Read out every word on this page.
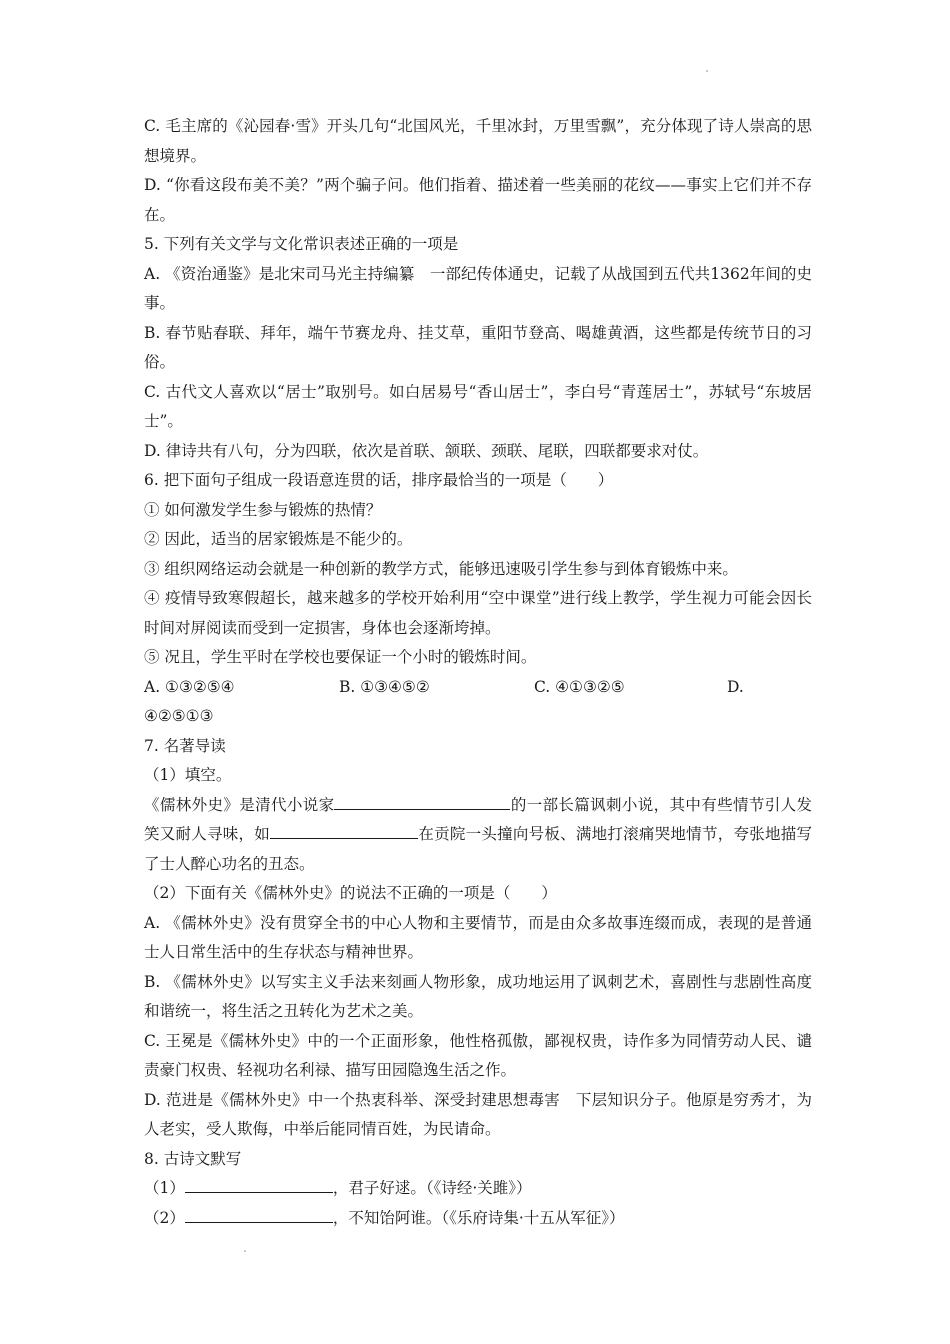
C. 毛主席的《沁园春·雪》开头几句“北国风光，千里冰封，万里雪飘”，充分体现了诗人崇高的思想境界。

D. “你看这段布美不美？”两个骗子问。他们指着、描述着一些美丽的花纹——事实上它们并不存在。

5. 下列有关文学与文化常识表述正确的一项是

A. 《资治通鉴》是北宋司马光主持编纂　一部纪传体通史，记载了从战国到五代共1362年间的史事。

B. 春节贴春联、拜年，端午节赛龙舟、挂艾草，重阳节登高、喝雄黄酒，这些都是传统节日的习俗。

C. 古代文人喜欢以“居士”取别号。如白居易号“香山居士”，李白号“青莲居士”，苏轼号“东坡居士”。

D. 律诗共有八句，分为四联，依次是首联、颔联、颈联、尾联，四联都要求对仗。

6. 把下面句子组成一段语意连贯的话，排序最恰当的一项是（　　）

① 如何激发学生参与锻炼的热情？

② 因此，适当的居家锻炼是不能少的。

③ 组织网络运动会就是一种创新的教学方式，能够迅速吸引学生参与到体育锻炼中来。

④ 疫情导致寒假超长，越来越多的学校开始利用“空中课堂”进行线上教学，学生视力可能会因长时间对屏阅读而受到一定损害，身体也会逐渐垮掉。

⑤ 况且，学生平时在学校也要保证一个小时的锻炼时间。

A. ①③②⑤④	B. ①③④⑤②	C. ④①③②⑤	D.

④②⑤①③

7. 名著导读

（1）填空。

《儒林外史》是清代小说家	的一部长篇讽刺小说，其中有些情节引人发笑又耐人寻味，如	在贡院一头撞向号板、满地打滚痛哭地情节，夸张地描写了士人醉心功名的丑态。

（2）下面有关《儒林外史》的说法不正确的一项是（　　）

A. 《儒林外史》没有贯穿全书的中心人物和主要情节，而是由众多故事连缀而成，表现的是普通士人日常生活中的生存状态与精神世界。

B. 《儒林外史》以写实主义手法来刻画人物形象，成功地运用了讽刺艺术，喜剧性与悲剧性高度和谐统一，将生活之丑转化为艺术之美。

C. 王冕是《儒林外史》中的一个正面形象，他性格孤傲，鄙视权贵，诗作多为同情劳动人民、谴责豪门权贵、轻视功名利禄、描写田园隐逸生活之作。

D. 范进是《儒林外史》中一个热衷科举、深受封建思想毒害　下层知识分子。他原是穷秀才，为人老实，受人欺侮，中举后能同情百姓，为民请命。

8. 古诗文默写

（1）	，君子好逑。（《诗经·关雎》）

（2）	，不知饴阿谁。（《乐府诗集·十五从军征》）
